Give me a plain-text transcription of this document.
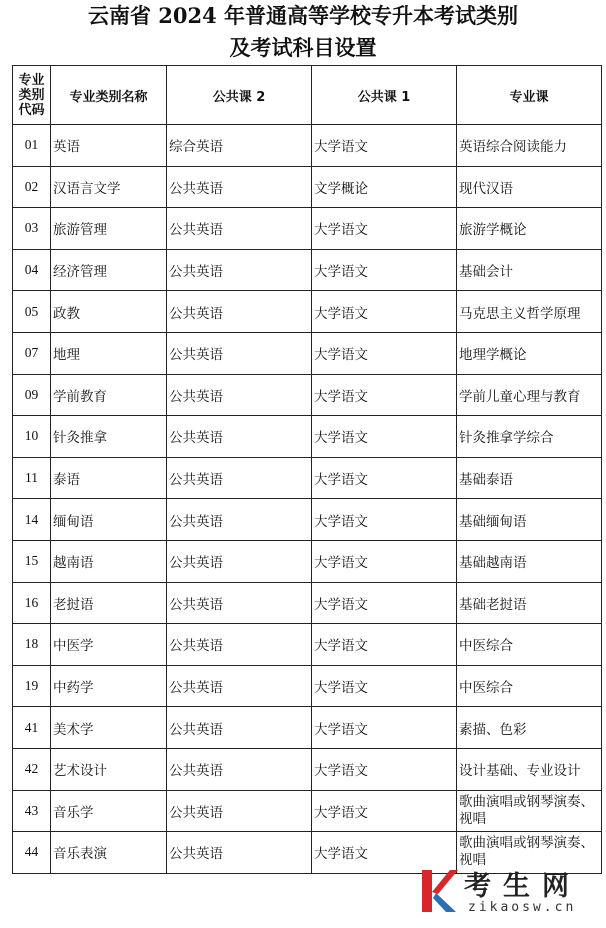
云南省 2024 年普通高等学校专升本考试类别
及考试科目设置
专业
类别
代码	专业类别名称	公共课 2	公共课 1	专业课
01	英语	综合英语	大学语文	英语综合阅读能力
02	汉语言文学	公共英语	文学概论	现代汉语
03	旅游管理	公共英语	大学语文	旅游学概论
04	经济管理	公共英语	大学语文	基础会计
05	政教	公共英语	大学语文	马克思主义哲学原理
07	地理	公共英语	大学语文	地理学概论
09	学前教育	公共英语	大学语文	学前儿童心理与教育
10	针灸推拿	公共英语	大学语文	针灸推拿学综合
11	泰语	公共英语	大学语文	基础泰语
14	缅甸语	公共英语	大学语文	基础缅甸语
15	越南语	公共英语	大学语文	基础越南语
16	老挝语	公共英语	大学语文	基础老挝语
18	中医学	公共英语	大学语文	中医综合
19	中药学	公共英语	大学语文	中医综合
41	美术学	公共英语	大学语文	素描、色彩
42	艺术设计	公共英语	大学语文	设计基础、专业设计
43	音乐学	公共英语	大学语文	歌曲演唱或钢琴演奏、视唱
44	音乐表演	公共英语	大学语文	歌曲演唱或钢琴演奏、视唱
考生网
zikaosw.cn
